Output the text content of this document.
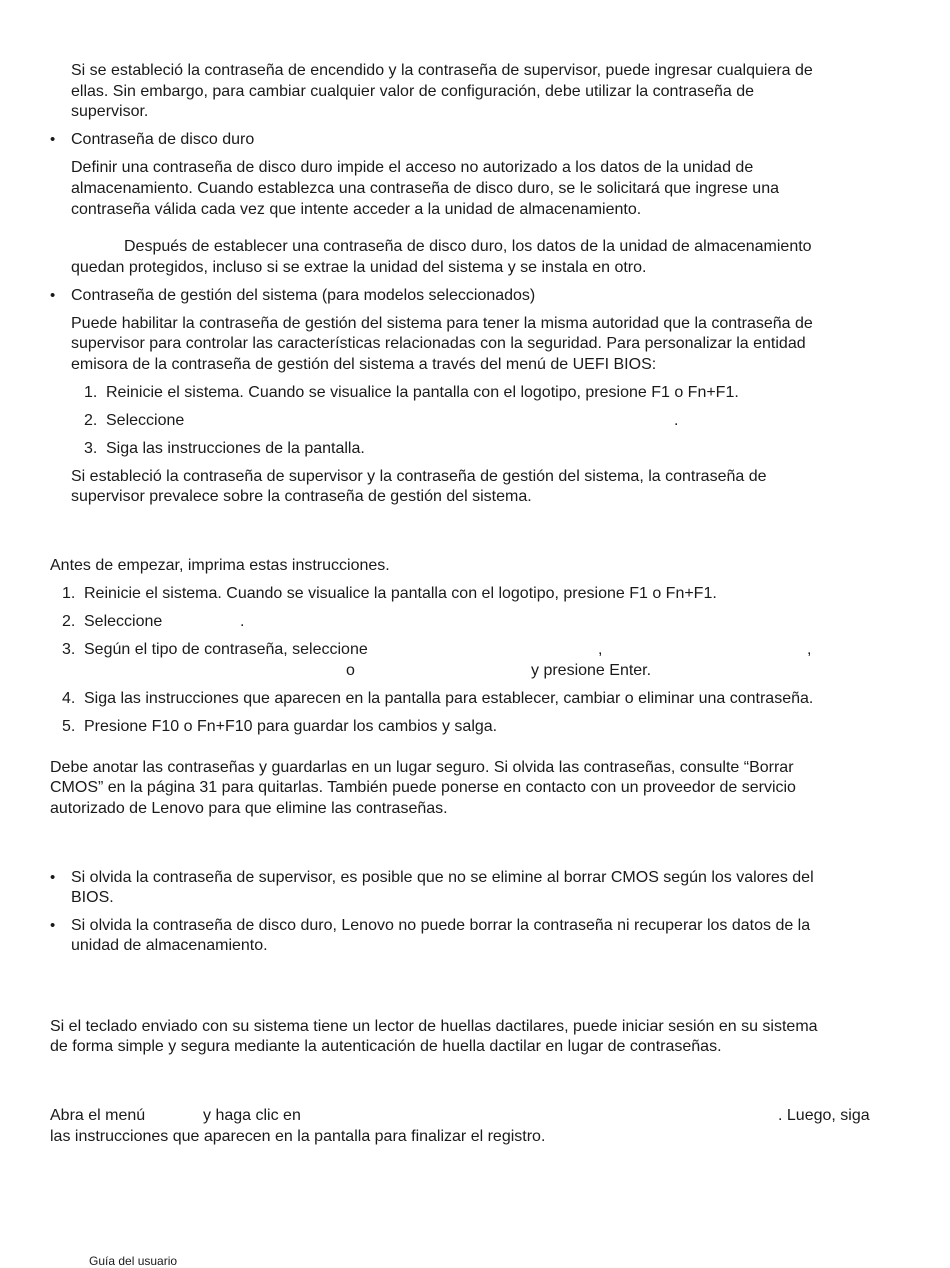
Si se estableció la contraseña de encendido y la contraseña de supervisor, puede ingresar cualquiera de

ellas. Sin embargo, para cambiar cualquier valor de configuración, debe utilizar la contraseña de

supervisor.

• Contraseña de disco duro

Definir una contraseña de disco duro impide el acceso no autorizado a los datos de la unidad de

almacenamiento. Cuando establezca una contraseña de disco duro, se le solicitará que ingrese una

contraseña válida cada vez que intente acceder a la unidad de almacenamiento.

Después de establecer una contraseña de disco duro, los datos de la unidad de almacenamiento

quedan protegidos, incluso si se extrae la unidad del sistema y se instala en otro.

• Contraseña de gestión del sistema (para modelos seleccionados)

Puede habilitar la contraseña de gestión del sistema para tener la misma autoridad que la contraseña de

supervisor para controlar las características relacionadas con la seguridad. Para personalizar la entidad

emisora de la contraseña de gestión del sistema a través del menú de UEFI BIOS:

1. Reinicie el sistema. Cuando se visualice la pantalla con el logotipo, presione F1 o Fn+F1.

2. Seleccione	.

3. Siga las instrucciones de la pantalla.

Si estableció la contraseña de supervisor y la contraseña de gestión del sistema, la contraseña de

supervisor prevalece sobre la contraseña de gestión del sistema.

Antes de empezar, imprima estas instrucciones.

1. Reinicie el sistema. Cuando se visualice la pantalla con el logotipo, presione F1 o Fn+F1.

2. Seleccione	.

3. Según el tipo de contraseña, seleccione	,	,

o	y presione Enter.

4. Siga las instrucciones que aparecen en la pantalla para establecer, cambiar o eliminar una contraseña.

5. Presione F10 o Fn+F10 para guardar los cambios y salga.

Debe anotar las contraseñas y guardarlas en un lugar seguro. Si olvida las contraseñas, consulte “Borrar

CMOS” en la página 31 para quitarlas. También puede ponerse en contacto con un proveedor de servicio

autorizado de Lenovo para que elimine las contraseñas.

• Si olvida la contraseña de supervisor, es posible que no se elimine al borrar CMOS según los valores del

BIOS.

• Si olvida la contraseña de disco duro, Lenovo no puede borrar la contraseña ni recuperar los datos de la

unidad de almacenamiento.

Si el teclado enviado con su sistema tiene un lector de huellas dactilares, puede iniciar sesión en su sistema

de forma simple y segura mediante la autenticación de huella dactilar en lugar de contraseñas.

Abra el menú	y haga clic en	. Luego, siga

las instrucciones que aparecen en la pantalla para finalizar el registro.

Guía del usuario
